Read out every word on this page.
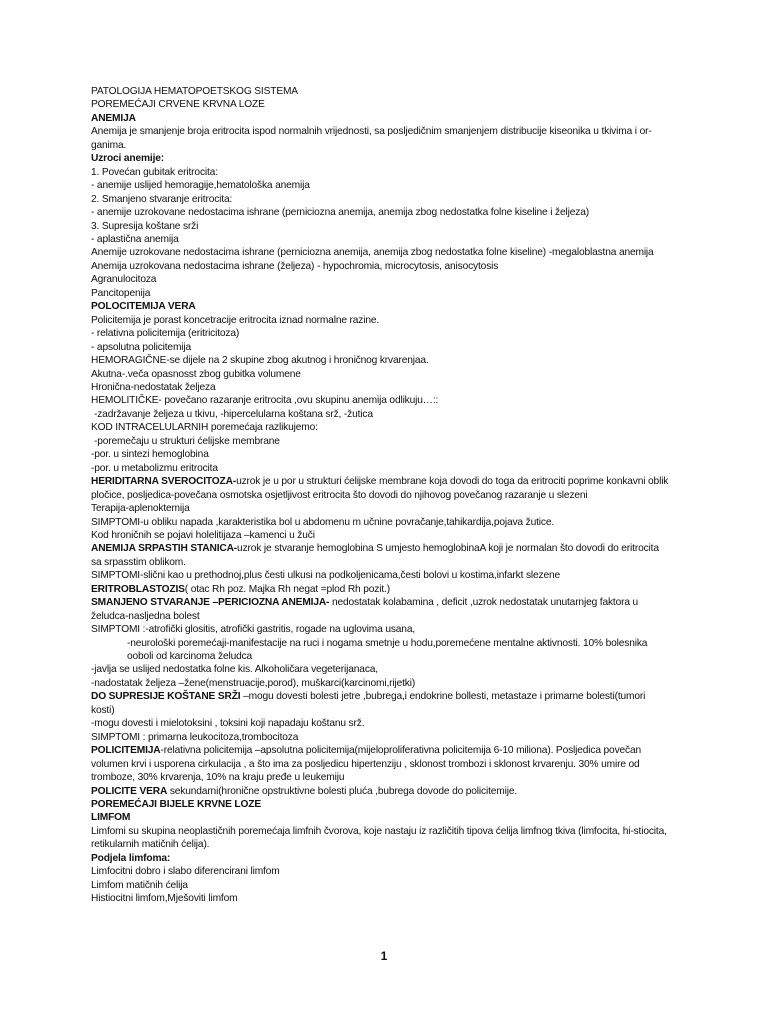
PATOLOGIJA HEMATOPOETSKOG SISTEMA
POREMEĆAJI CRVENE KRVNA LOZE
ANEMIJA
Anemija je smanjenje broja eritrocita ispod normalnih vrijednosti, sa posljedičnim smanjenjem distribucije kiseonika u tkivima i or-ganima.
Uzroci anemije:
1. Povećan gubitak eritrocita:
- anemije uslijed hemoragije,hematološka anemija
2. Smanjeno stvaranje eritrocita:
- anemije uzrokovane nedostacima ishrane (perniciozna anemija, anemija zbog nedostatka folne kiseline i željeza)
3. Supresija koštane srži
- aplastična anemija
Anemije uzrokovane nedostacima ishrane (perniciozna anemija, anemija zbog nedostatka folne kiseline) -megaloblastna anemija
Anemija uzrokovana nedostacima ishrane (željeza) - hypochromia, microcytosis, anisocytosis
Agranulocitoza
Pancitopenija
POLOCITEMIJA VERA
Policitemija je porast koncetracije eritrocita iznad normalne razine.
- relativna policitemija (eritricitoza)
- apsolutna policitemija
HEMORAGIČNE-se dijele na 2 skupine zbog akutnog i hroničnog krvarenjaa.
Akutna-.veča opasnosst zbog gubitka volumene
Hronična-nedostatak željeza
HEMOLITIČKE- povečano razaranje eritrocita ,ovu skupinu anemija odlikuju…::
-zadržavanje željeza u tkivu, -hipercelularna koštana srž, -žutica
KOD INTRACELULARNIH poremećaja razlikujemo:
-poremečaju u strukturi ćelijske membrane
-por. u sintezi hemoglobina
-por. u metabolizmu eritrocita
HERIDITARNA SVEROCITOZA-uzrok je u por u strukturi ćelijske membrane koja dovodi do toga da eritrociti poprime konkavni oblik pločice, posljedica-povečana osmotska osjetljivost eritrocita što dovodi do njihovog povečanog razaranje u slezeni
Terapija-aplenoktemija
SIMPTOMI-u obliku napada ,karakteristika bol u abdomenu m učnine povračanje,tahikardija,pojava žutice.
Kod hroničnih se pojavi holelitijaza –kamenci u žuči
ANEMIJA SRPASTIH STANICA-uzrok je stvaranje hemoglobina S umjesto hemoglobinaA koji je normalan što dovodi do eritrocita sa srpasstim oblikom.
SIMPTOMI-slični kao u prethodnoj,plus česti ulkusi na podkoljenicama,česti bolovi u kostima,infarkt slezene
ERITROBLASTOZIS( otac Rh poz. Majka Rh negat =plod Rh pozit.)
SMANJENO STVARANJE –PERICIOZNA ANEMIJA- nedostatak kolabamina , deficit ,uzrok nedostatak unutarnjeg faktora u želudca-nasljedna bolest
SIMPTOMI :-atrofički glositis, atrofički gastritis, rogade na uglovima usana,
-neurološki poremećaji-manifestacije na ruci i nogama smetnje u hodu,poremećene mentalne aktivnosti. 10% bolesnika ooboli od karcinoma želudca
-javlja se uslijed nedostatka folne kis. Alkoholičara vegeterijanaca,
-nadostatak željeza –žene(menstruacije,porod), muškarci(karcinomi,rijetki)
DO SUPRESIJE KOŠTANE SRŽI –mogu dovesti bolesti jetre ,bubrega,i endokrine bollesti, metastaze i primarne bolesti(tumori kosti)
-mogu dovesti i mielotoksini , toksini koji napadaju koštanu srž.
SIMPTOMI : primarna leukocitoza,trombocitoza
POLICITEMIJA-relativna policitemija –apsolutna policitemija(mijeloproliferativna policitemija 6-10 miliona). Posljedica povečan volumen krvi i usporena cirkulacija , a što ima za posljedicu hipertenziju , sklonost trombozi i sklonost krvarenju. 30% umire od tromboze, 30% krvarenja, 10% na kraju pređe u leukemiju
POLICITE VERA sekundarni(hronične opstruktivne bolesti pluća ,bubrega dovode do policitemije.
POREMEĆAJI BIJELE KRVNE LOZE
LIMFOM
Limfomi su skupina neoplastičnih poremećaja limfnih čvorova, koje nastaju iz različitih tipova ćelija limfnog tkiva (limfocita, hi-stiocita, retikularnih matičnih ćelija).
Podjela limfoma:
Limfocitni dobro i slabo diferencirani limfom
Limfom matičnih ćelija
Histiocitni limfom,Mješoviti limfom
1
